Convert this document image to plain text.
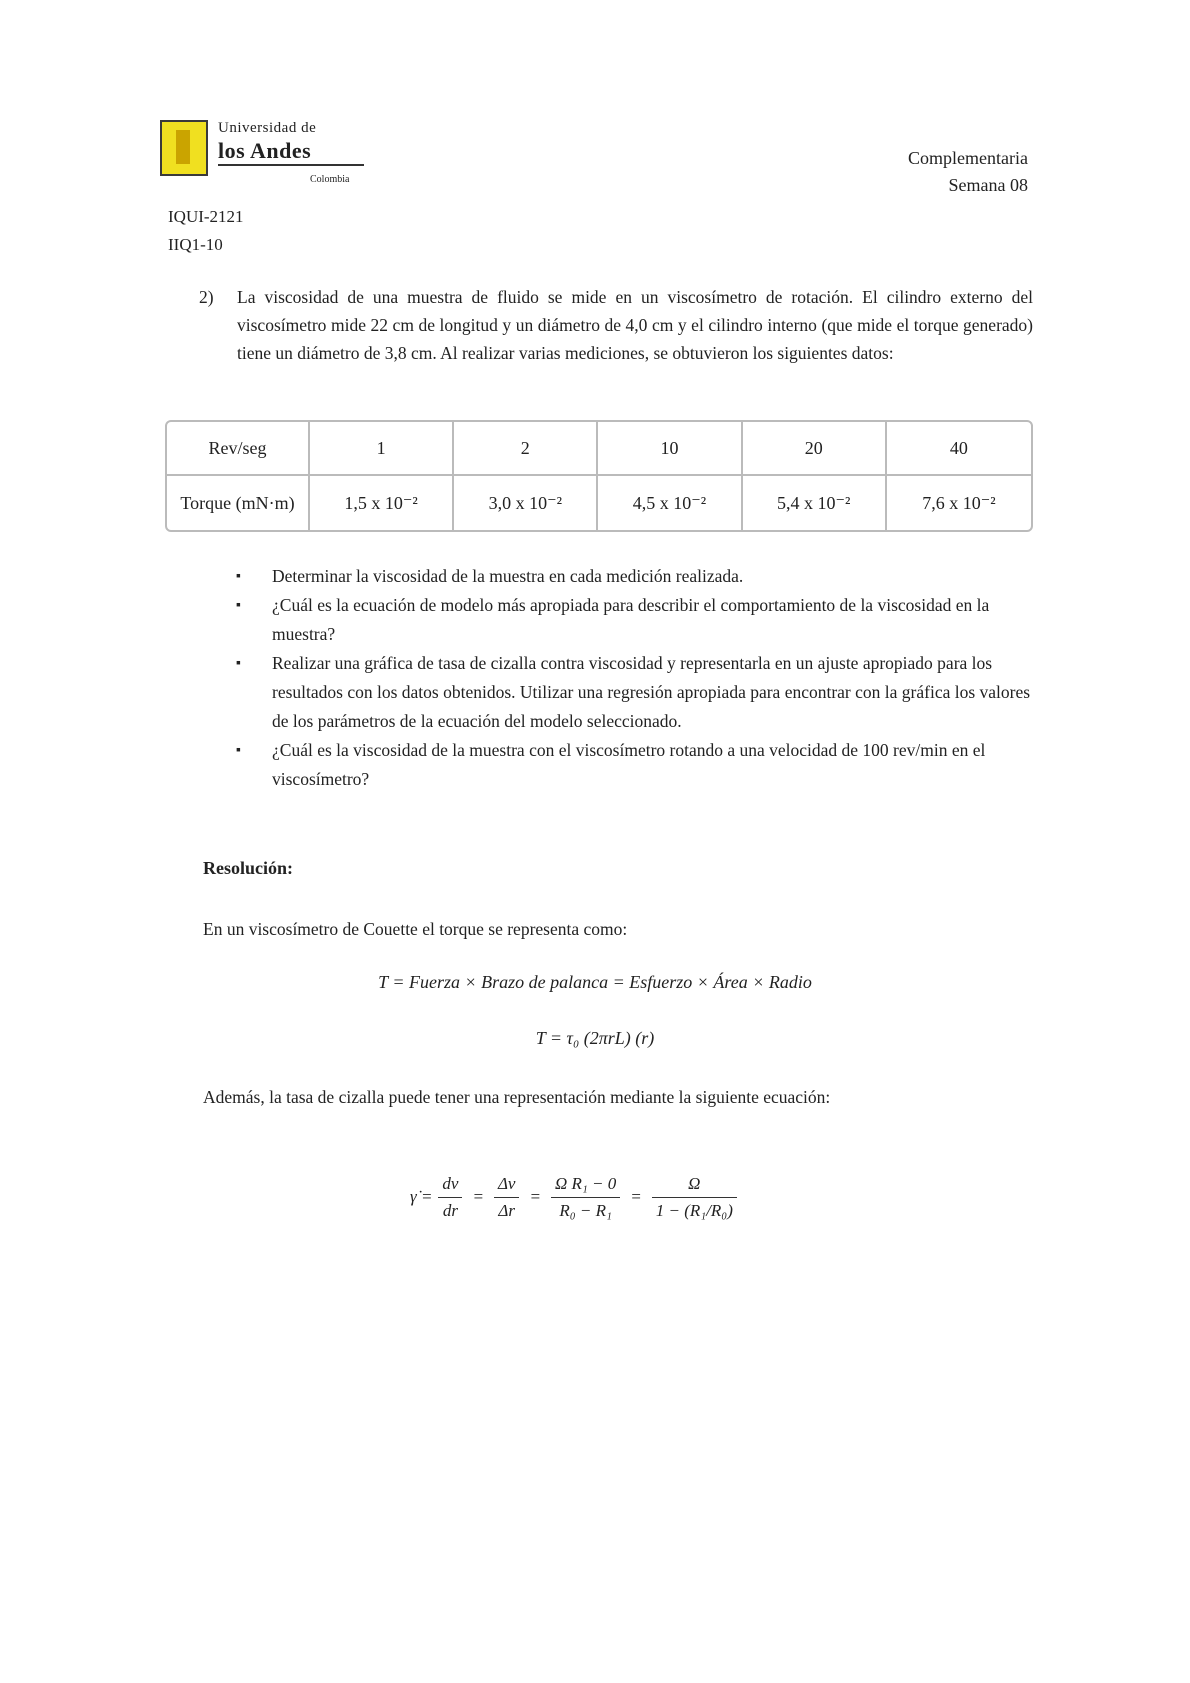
Universidad de
los Andes
Colombia
IQUI-2121
IIQ1-10
Complementaria
Semana 08
2) La viscosidad de una muestra de fluido se mide en un viscosímetro de rotación. El cilindro externo del viscosímetro mide 22 cm de longitud y un diámetro de 4,0 cm y el cilindro interno (que mide el torque generado) tiene un diámetro de 3,8 cm. Al realizar varias mediciones, se obtuvieron los siguientes datos:
Rev/seg	1	2	10	20	40
Torque (mN·m)	1,5 x 10⁻²	3,0 x 10⁻²	4,5 x 10⁻²	5,4 x 10⁻²	7,6 x 10⁻²
▪ Determinar la viscosidad de la muestra en cada medición realizada.
▪ ¿Cuál es la ecuación de modelo más apropiada para describir el comportamiento de la viscosidad en la muestra?
▪ Realizar una gráfica de tasa de cizalla contra viscosidad y representarla en un ajuste apropiado para los resultados con los datos obtenidos. Utilizar una regresión apropiada para encontrar con la gráfica los valores de los parámetros de la ecuación del modelo seleccionado.
▪ ¿Cuál es la viscosidad de la muestra con el viscosímetro rotando a una velocidad de 100 rev/min en el viscosímetro?
Resolución:
En un viscosímetro de Couette el torque se representa como:
T = Fuerza × Brazo de palanca = Esfuerzo × Área × Radio
T = τ₀ (2πrL) (r)
Además, la tasa de cizalla puede tener una representación mediante la siguiente ecuación:
γ̇ = $\frac{dv}{dr} = \frac{\Delta v}{\Delta r} = \frac{\text{Ω R₁ − 0}}{\text{R₀ − R₁}} = \frac{\Omega}{\text{1 − (R₁/R₀)}}$
